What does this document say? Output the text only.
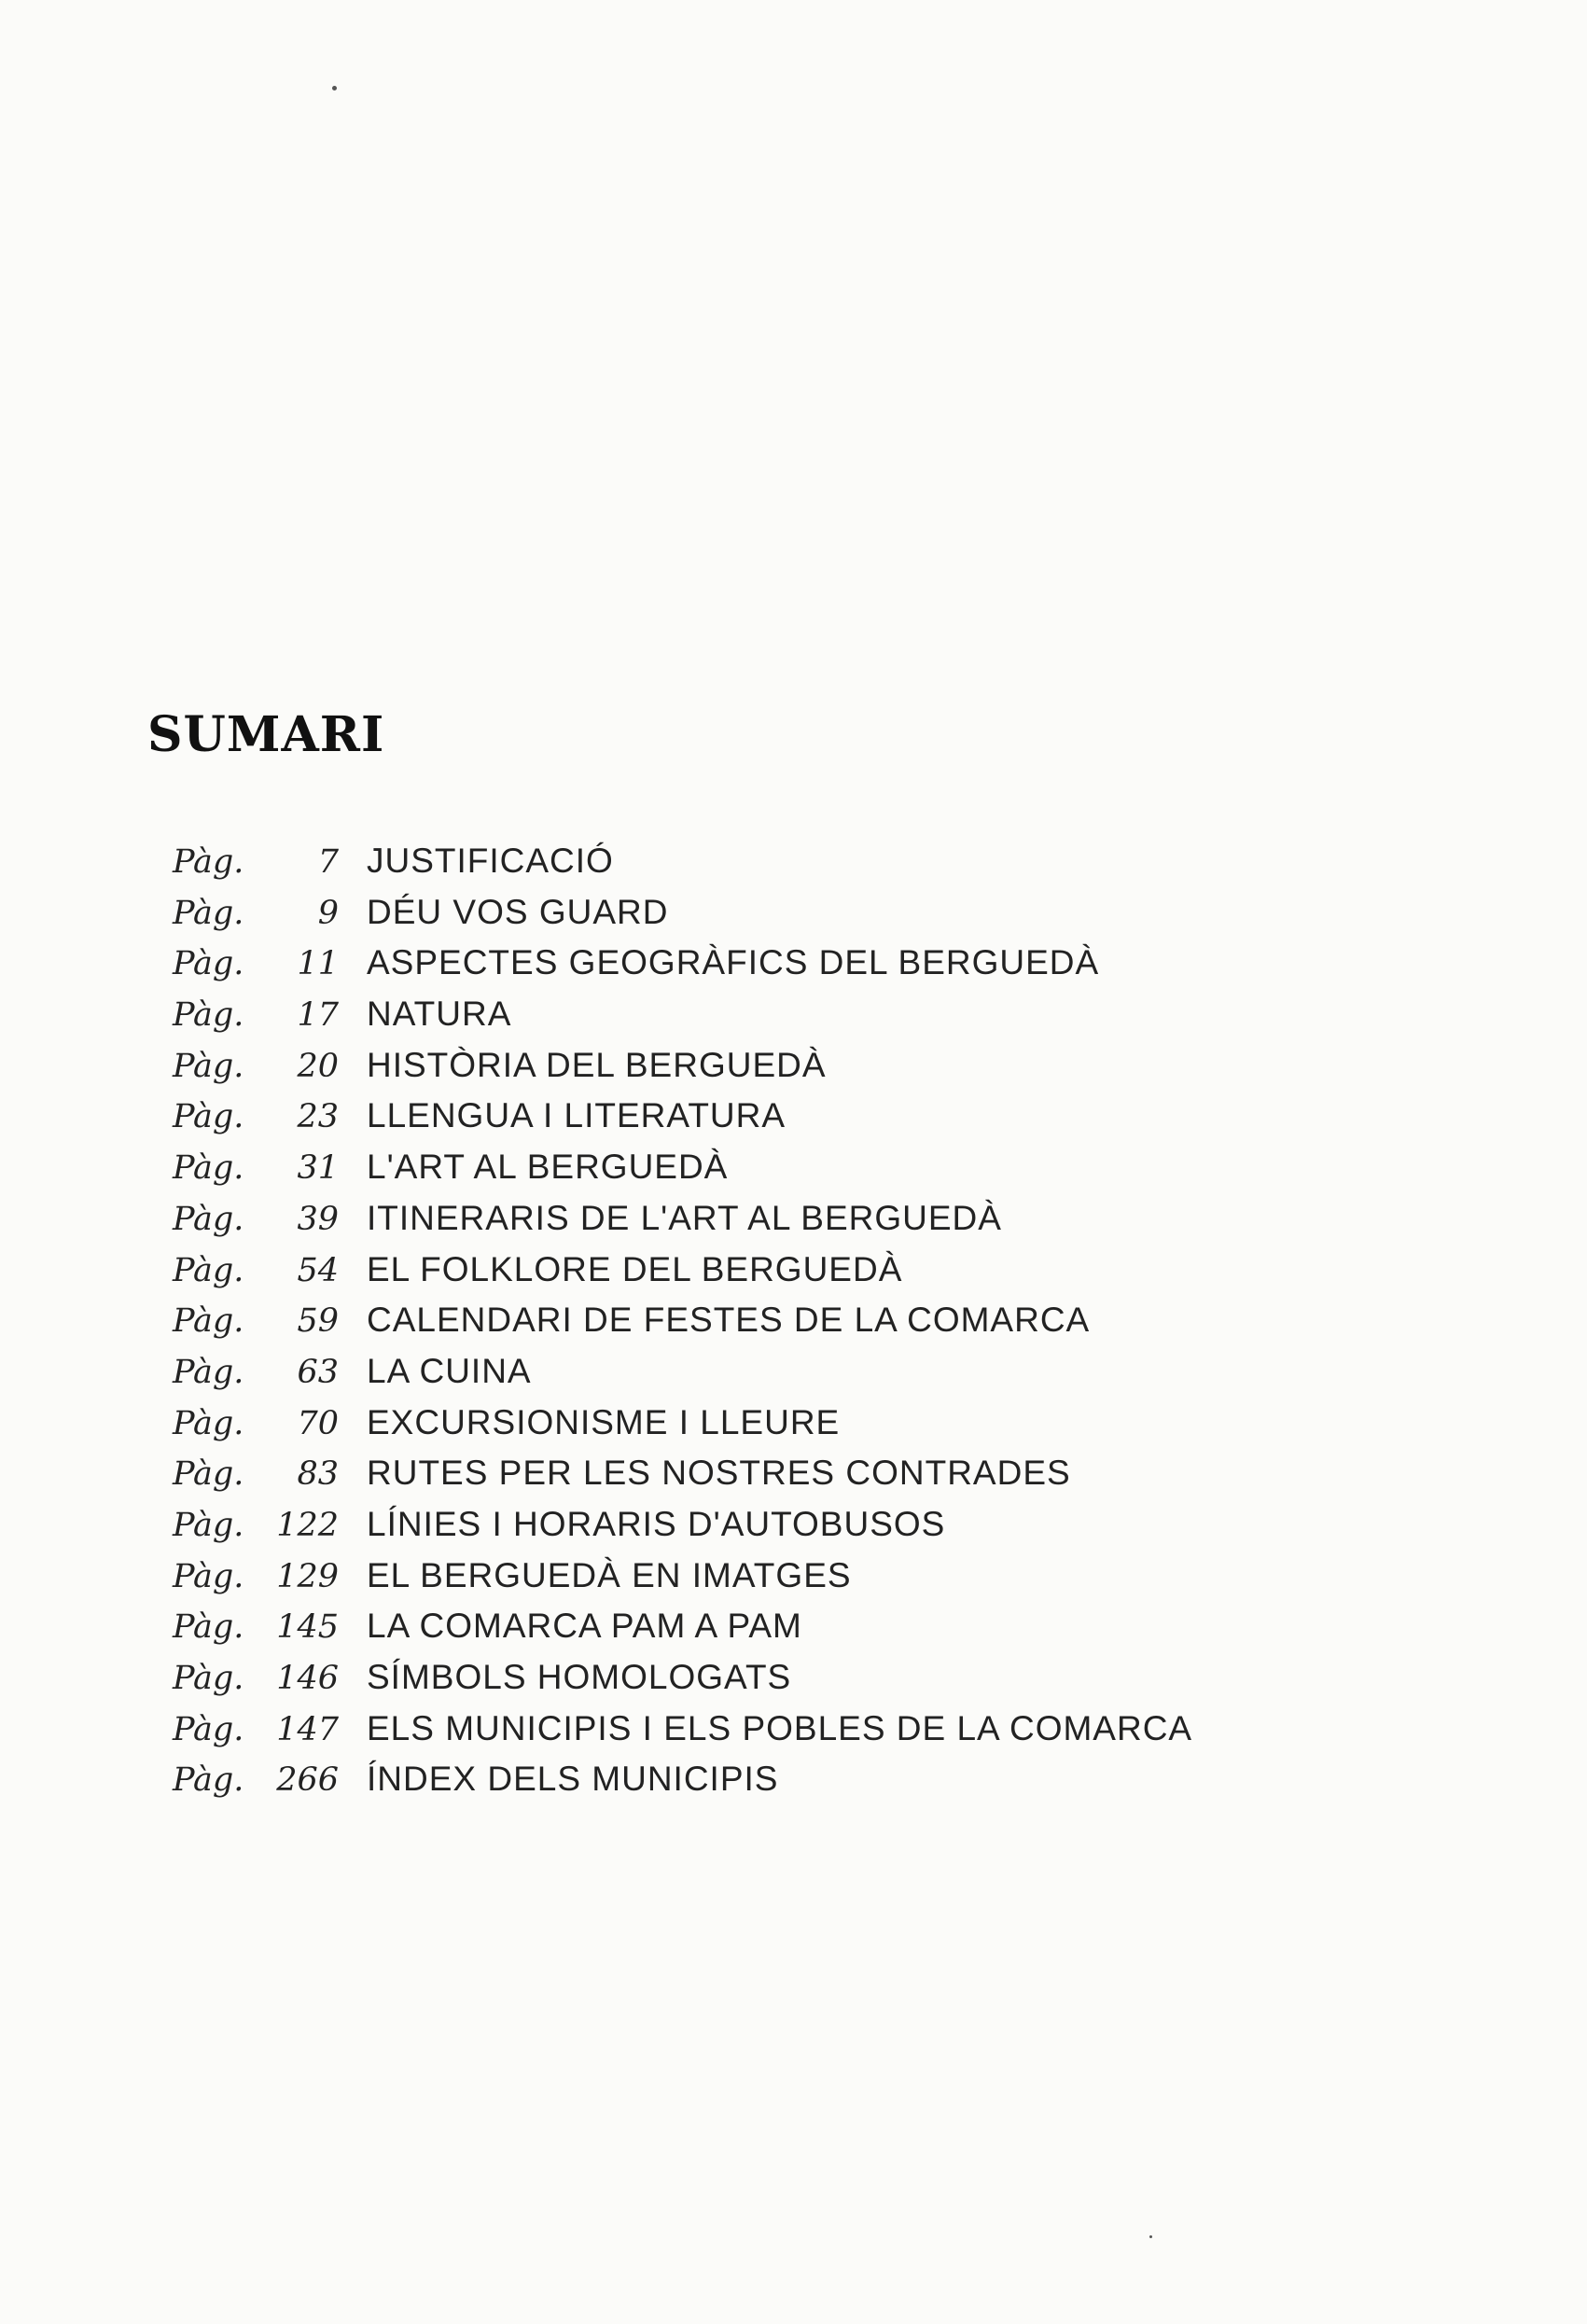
SUMARI
Pàg.	7 JUSTIFICACIÓ
Pàg.	9 DÉU VOS GUARD
Pàg.	11 ASPECTES GEOGRÀFICS DEL BERGUEDÀ
Pàg.	17 NATURA
Pàg.	20 HISTÒRIA DEL BERGUEDÀ
Pàg.	23 LLENGUA I LITERATURA
Pàg.	31 L'ART AL BERGUEDÀ
Pàg.	39 ITINERARIS DE L'ART AL BERGUEDÀ
Pàg.	54 EL FOLKLORE DEL BERGUEDÀ
Pàg.	59 CALENDARI DE FESTES DE LA COMARCA
Pàg.	63 LA CUINA
Pàg.	70 EXCURSIONISME I LLEURE
Pàg.	83 RUTES PER LES NOSTRES CONTRADES
Pàg. 122 LÍNIES I HORARIS D'AUTOBUSOS
Pàg. 129 EL BERGUEDÀ EN IMATGES
Pàg. 145 LA COMARCA PAM A PAM
Pàg. 146 SÍMBOLS HOMOLOGATS
Pàg. 147 ELS MUNICIPIS I ELS POBLES DE LA COMARCA
Pàg. 266 ÍNDEX DELS MUNICIPIS
